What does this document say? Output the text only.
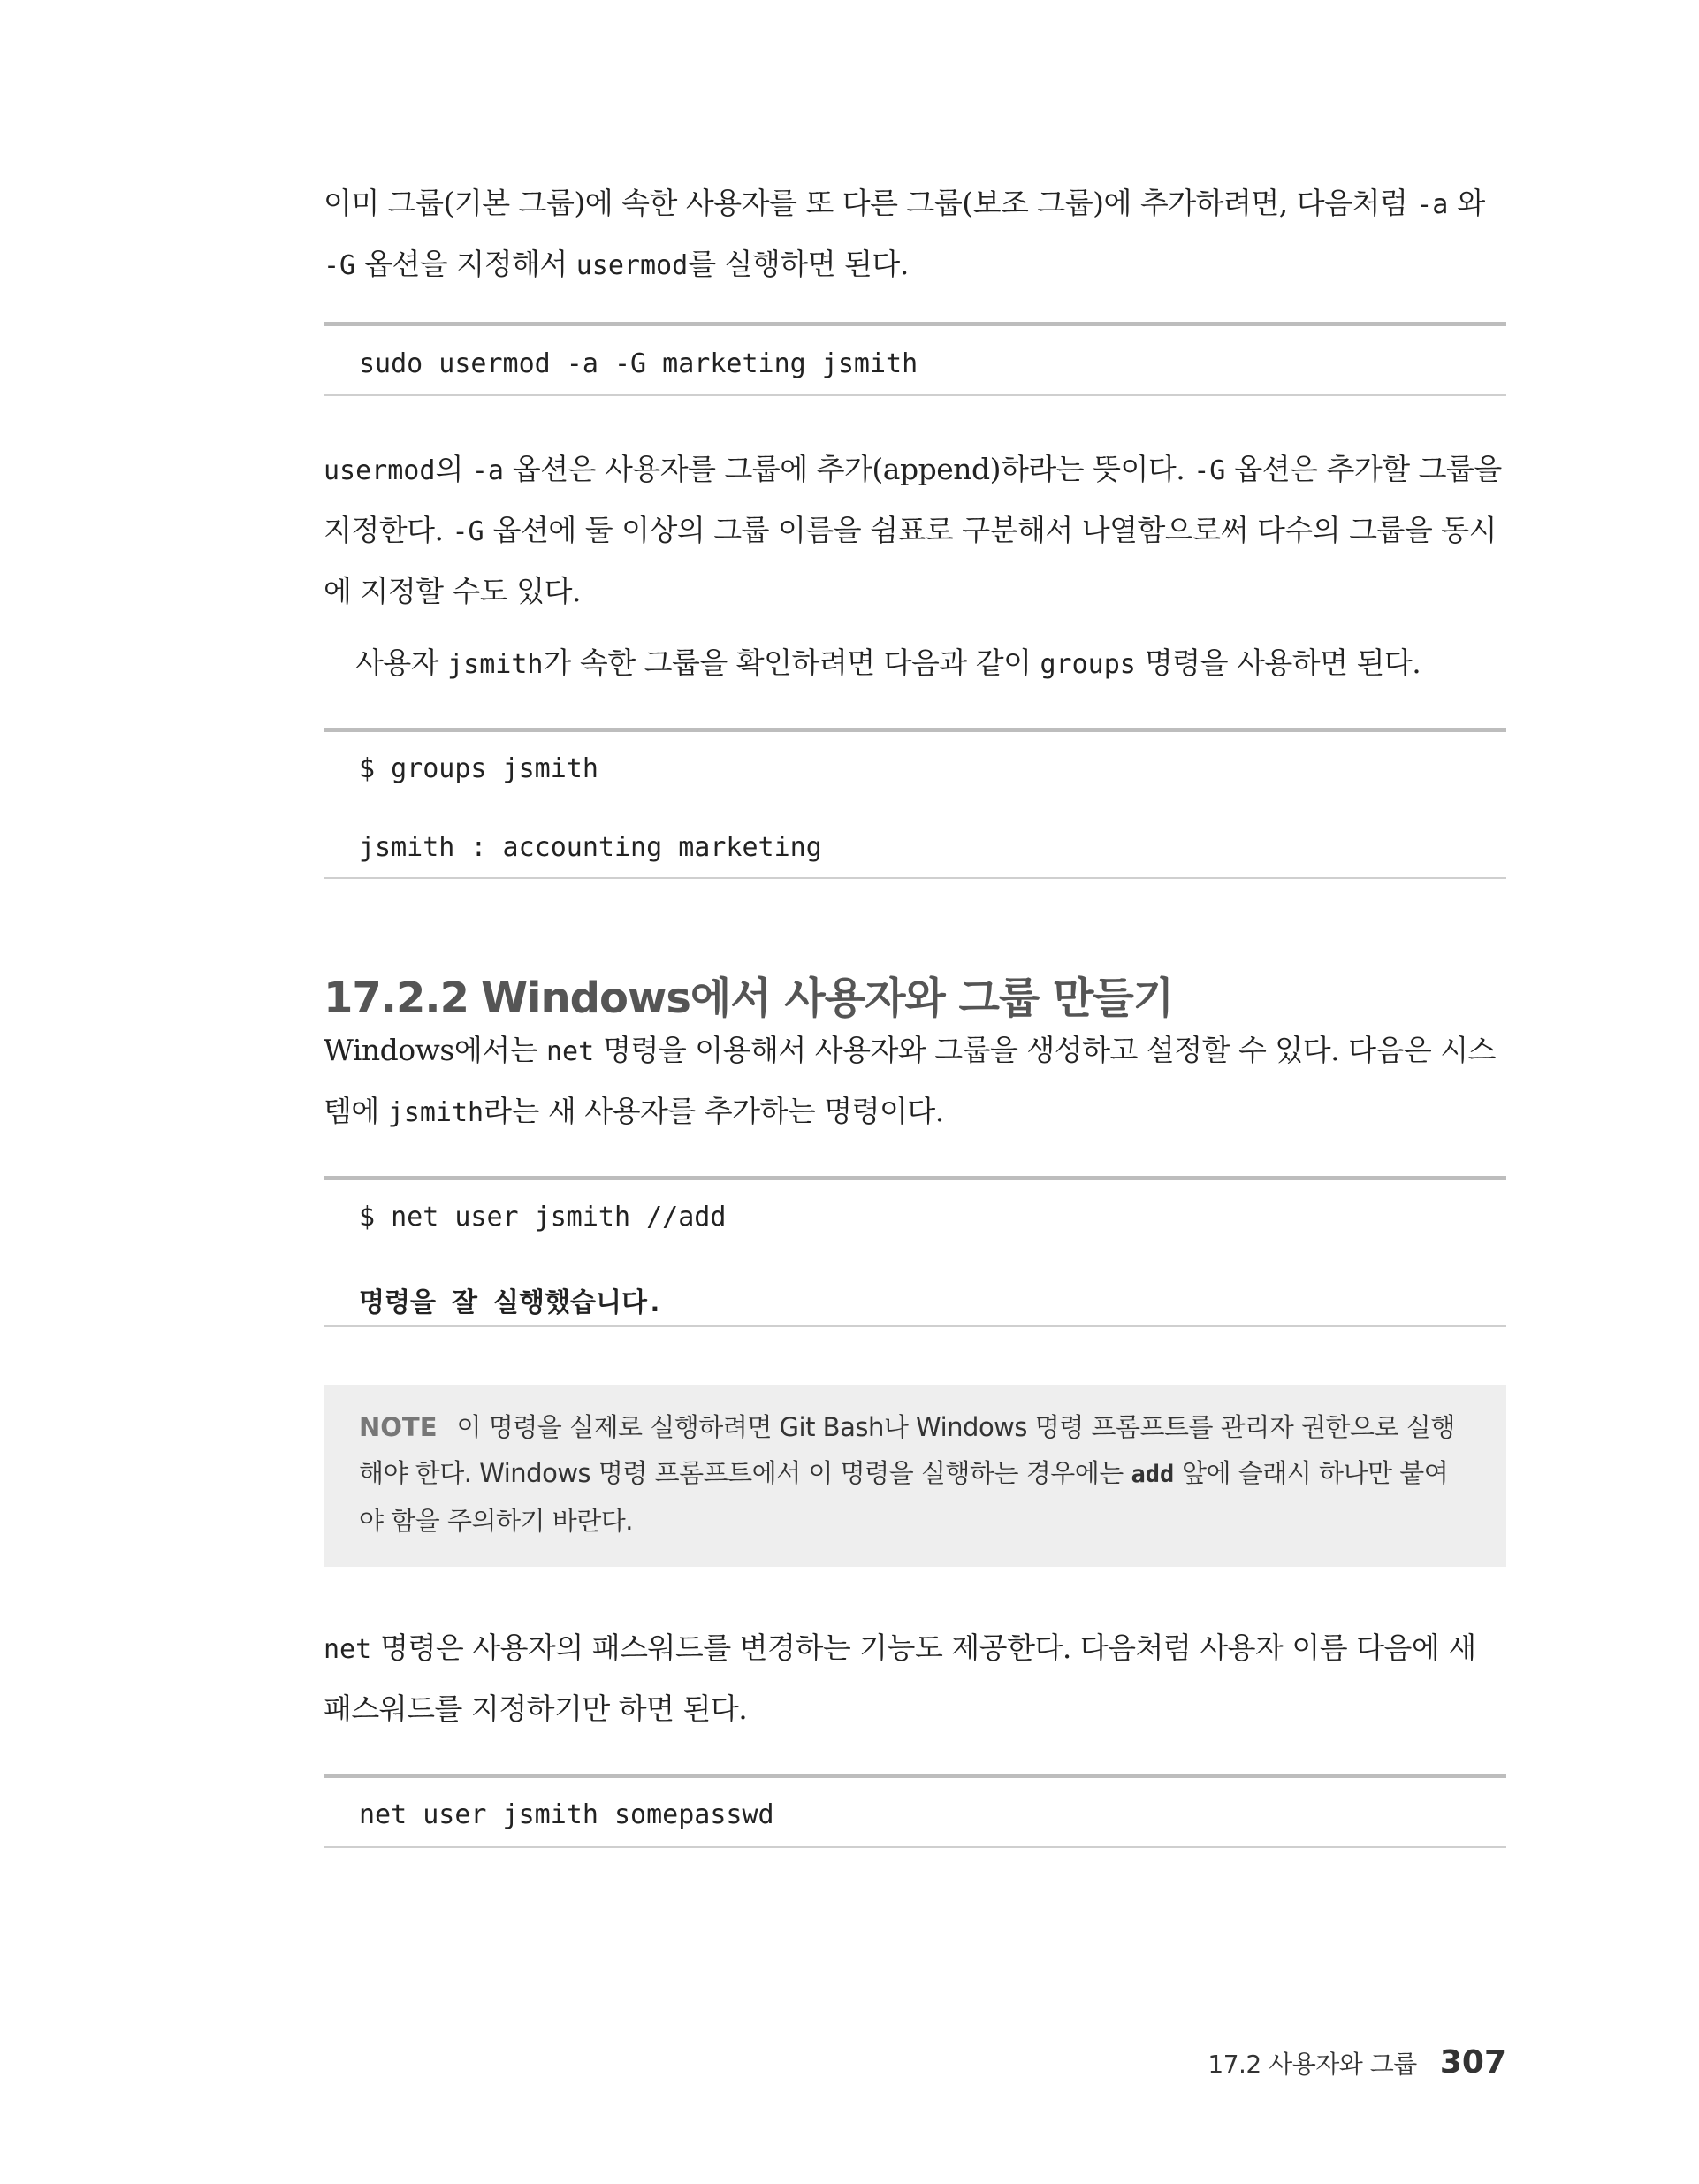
이미 그룹(기본 그룹)에 속한 사용자를 또 다른 그룹(보조 그룹)에 추가하려면, 다음처럼 -a 와 -G 옵션을 지정해서 usermod를 실행하면 된다.

sudo usermod -a -G marketing jsmith

usermod의 -a 옵션은 사용자를 그룹에 추가(append)하라는 뜻이다. -G 옵션은 추가할 그룹을 지정한다. -G 옵션에 둘 이상의 그룹 이름을 쉼표로 구분해서 나열함으로써 다수의 그룹을 동시에 지정할 수도 있다.

사용자 jsmith가 속한 그룹을 확인하려면 다음과 같이 groups 명령을 사용하면 된다.

$ groups jsmith
jsmith : accounting marketing
17.2.2 Windows에서 사용자와 그룹 만들기

Windows에서는 net 명령을 이용해서 사용자와 그룹을 생성하고 설정할 수 있다. 다음은 시스템에 jsmith라는 새 사용자를 추가하는 명령이다.

$ net user jsmith //add
명령을 잘 실행했습니다.
NOTE 이 명령을 실제로 실행하려면 Git Bash나 Windows 명령 프롬프트를 관리자 권한으로 실행해야 한다. Windows 명령 프롬프트에서 이 명령을 실행하는 경우에는 add 앞에 슬래시 하나만 붙여야 함을 주의하기 바란다.

net 명령은 사용자의 패스워드를 변경하는 기능도 제공한다. 다음처럼 사용자 이름 다음에 새 패스워드를 지정하기만 하면 된다.

net user jsmith somepasswd
17.2 사용자와 그룹 307
